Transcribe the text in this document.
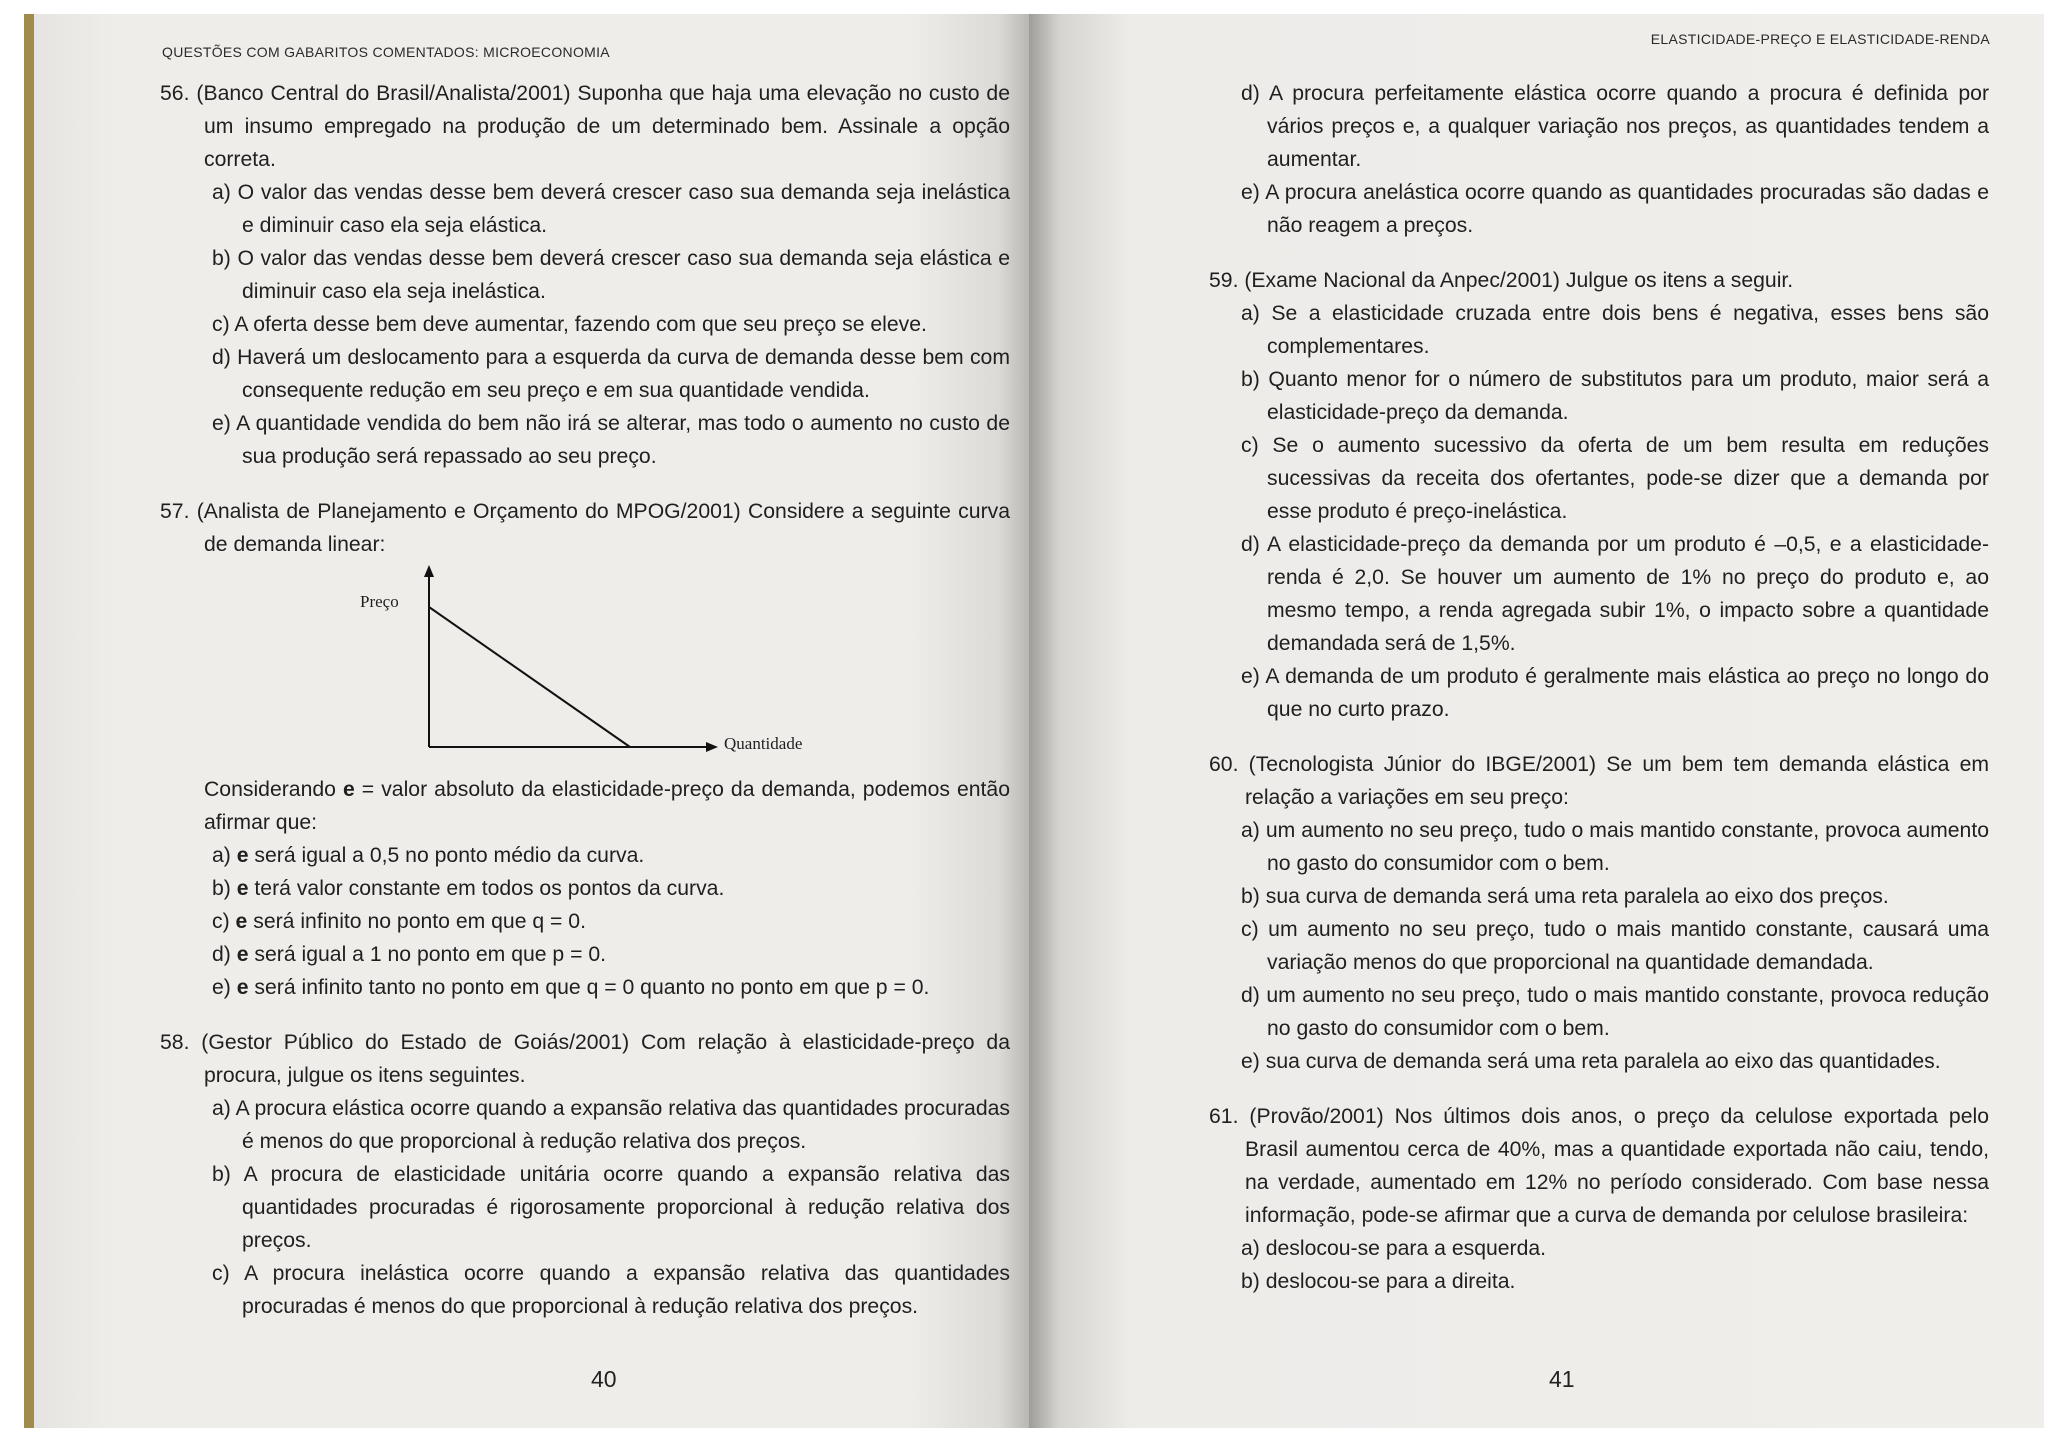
QUESTÕES COM GABARITOS COMENTADOS: MICROECONOMIA
56. (Banco Central do Brasil/Analista/2001) Suponha que haja uma elevação no custo de um insumo empregado na produção de um determinado bem. Assinale a opção correta.
a) O valor das vendas desse bem deverá crescer caso sua demanda seja inelástica e diminuir caso ela seja elástica.
b) O valor das vendas desse bem deverá crescer caso sua demanda seja elástica e diminuir caso ela seja inelástica.
c) A oferta desse bem deve aumentar, fazendo com que seu preço se eleve.
d) Haverá um deslocamento para a esquerda da curva de demanda desse bem com consequente redução em seu preço e em sua quantidade vendida.
e) A quantidade vendida do bem não irá se alterar, mas todo o aumento no custo de sua produção será repassado ao seu preço.
57. (Analista de Planejamento e Orçamento do MPOG/2001) Considere a seguinte curva de demanda linear:
Preço
Quantidade
Considerando e = valor absoluto da elasticidade-preço da demanda, podemos então afirmar que:
a) e será igual a 0,5 no ponto médio da curva.
b) e terá valor constante em todos os pontos da curva.
c) e será infinito no ponto em que q = 0.
d) e será igual a 1 no ponto em que p = 0.
e) e será infinito tanto no ponto em que q = 0 quanto no ponto em que p = 0.
58. (Gestor Público do Estado de Goiás/2001) Com relação à elasticidade-preço da procura, julgue os itens seguintes.
a) A procura elástica ocorre quando a expansão relativa das quantidades procuradas é menos do que proporcional à redução relativa dos preços.
b) A procura de elasticidade unitária ocorre quando a expansão relativa das quantidades procuradas é rigorosamente proporcional à redução relativa dos preços.
c) A procura inelástica ocorre quando a expansão relativa das quantidades procuradas é menos do que proporcional à redução relativa dos preços.
40
ELASTICIDADE-PREÇO E ELASTICIDADE-RENDA
d) A procura perfeitamente elástica ocorre quando a procura é definida por vários preços e, a qualquer variação nos preços, as quantidades tendem a aumentar.
e) A procura anelástica ocorre quando as quantidades procuradas são dadas e não reagem a preços.
59. (Exame Nacional da Anpec/2001) Julgue os itens a seguir.
a) Se a elasticidade cruzada entre dois bens é negativa, esses bens são complementares.
b) Quanto menor for o número de substitutos para um produto, maior será a elasticidade-preço da demanda.
c) Se o aumento sucessivo da oferta de um bem resulta em reduções sucessivas da receita dos ofertantes, pode-se dizer que a demanda por esse produto é preço-inelástica.
d) A elasticidade-preço da demanda por um produto é –0,5, e a elasticidade-renda é 2,0. Se houver um aumento de 1% no preço do produto e, ao mesmo tempo, a renda agregada subir 1%, o impacto sobre a quantidade demandada será de 1,5%.
e) A demanda de um produto é geralmente mais elástica ao preço no longo do que no curto prazo.
60. (Tecnologista Júnior do IBGE/2001) Se um bem tem demanda elástica em relação a variações em seu preço:
a) um aumento no seu preço, tudo o mais mantido constante, provoca aumento no gasto do consumidor com o bem.
b) sua curva de demanda será uma reta paralela ao eixo dos preços.
c) um aumento no seu preço, tudo o mais mantido constante, causará uma variação menos do que proporcional na quantidade demandada.
d) um aumento no seu preço, tudo o mais mantido constante, provoca redução no gasto do consumidor com o bem.
e) sua curva de demanda será uma reta paralela ao eixo das quantidades.
61. (Provão/2001) Nos últimos dois anos, o preço da celulose exportada pelo Brasil aumentou cerca de 40%, mas a quantidade exportada não caiu, tendo, na verdade, aumentado em 12% no período considerado. Com base nessa informação, pode-se afirmar que a curva de demanda por celulose brasileira:
a) deslocou-se para a esquerda.
b) deslocou-se para a direita.
41
